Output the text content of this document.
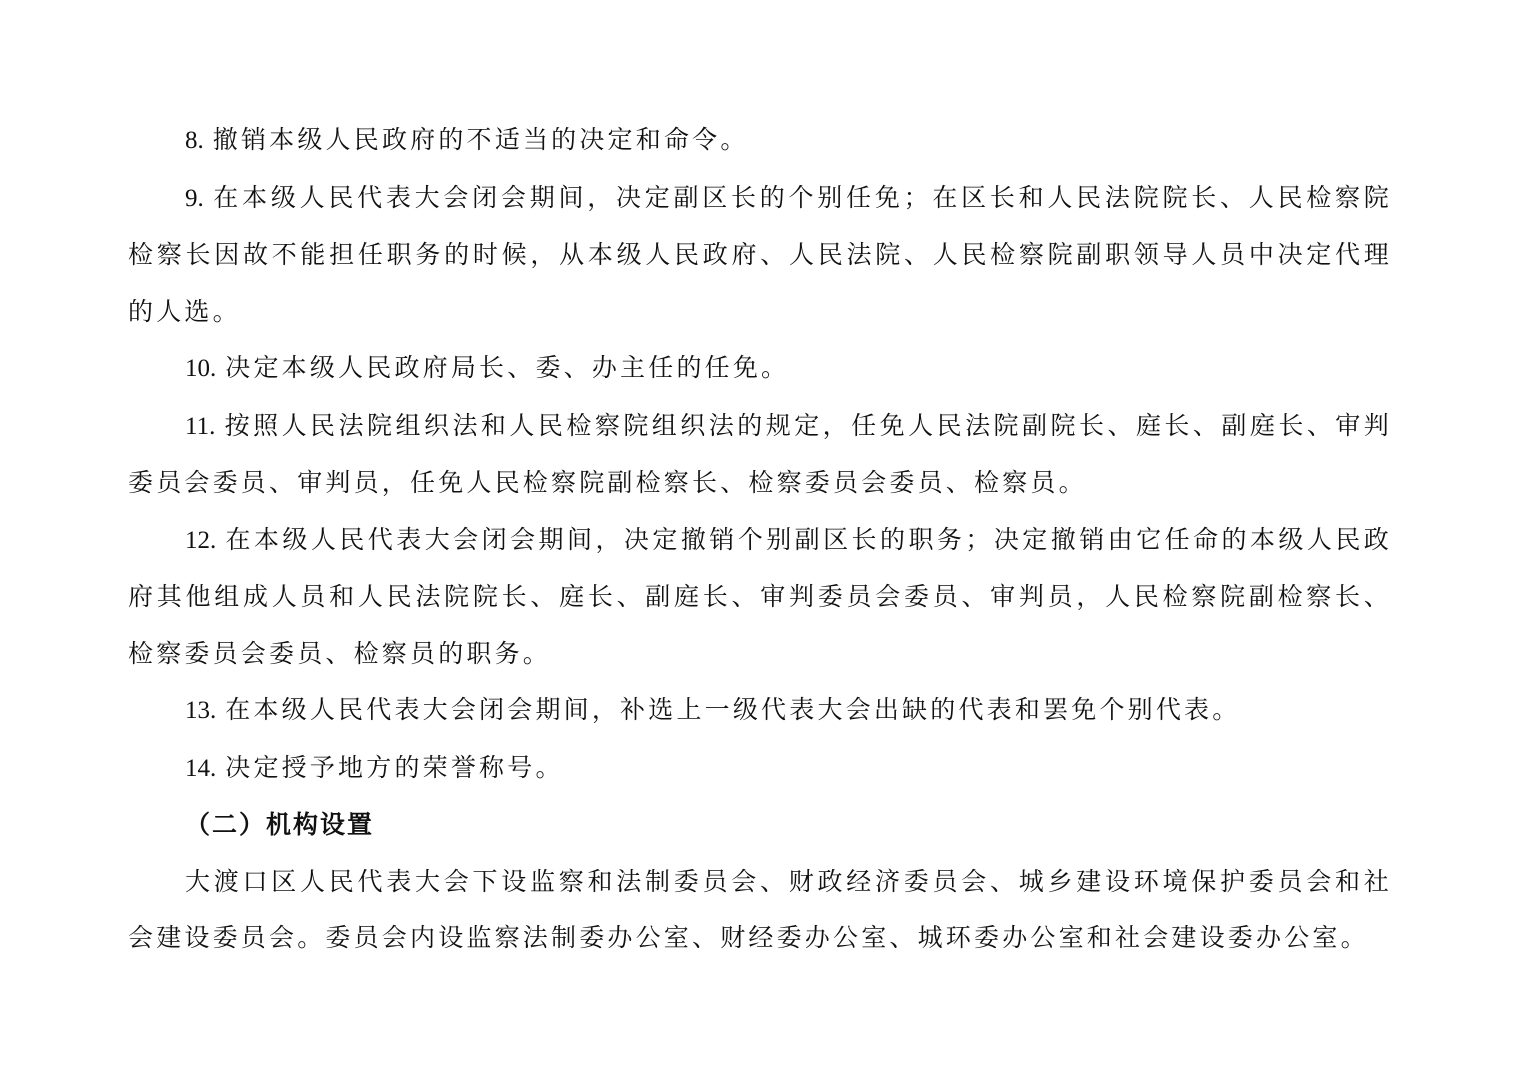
8. 撤销本级人民政府的不适当的决定和命令。

9. 在本级人民代表大会闭会期间，决定副区长的个别任免；在区长和人民法院院长、人民检察院检察长因故不能担任职务的时候，从本级人民政府、人民法院、人民检察院副职领导人员中决定代理的人选。

10. 决定本级人民政府局长、委、办主任的任免。

11. 按照人民法院组织法和人民检察院组织法的规定，任免人民法院副院长、庭长、副庭长、审判委员会委员、审判员，任免人民检察院副检察长、检察委员会委员、检察员。

12. 在本级人民代表大会闭会期间，决定撤销个别副区长的职务；决定撤销由它任命的本级人民政府其他组成人员和人民法院院长、庭长、副庭长、审判委员会委员、审判员，人民检察院副检察长、检察委员会委员、检察员的职务。

13. 在本级人民代表大会闭会期间，补选上一级代表大会出缺的代表和罢免个别代表。

14. 决定授予地方的荣誉称号。

（二）机构设置

大渡口区人民代表大会下设监察和法制委员会、财政经济委员会、城乡建设环境保护委员会和社会建设委员会。委员会内设监察法制委办公室、财经委办公室、城环委办公室和社会建设委办公室。
